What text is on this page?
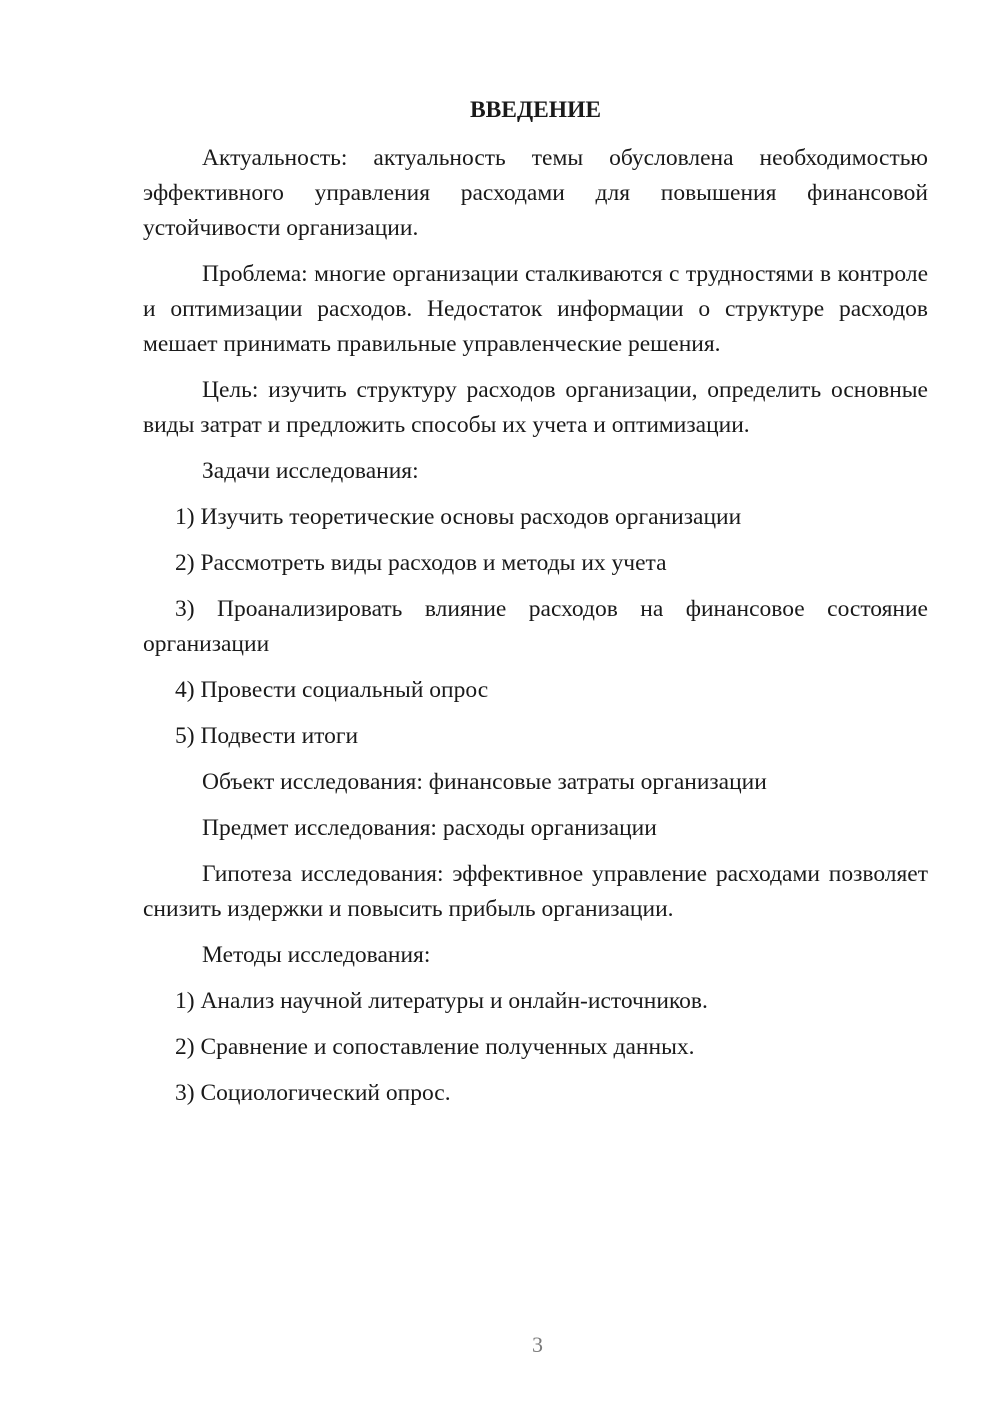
ВВЕДЕНИЕ
Актуальность: актуальность темы обусловлена необходимостью эффективного управления расходами для повышения финансовой устойчивости организации.
Проблема: многие организации сталкиваются с трудностями в контроле и оптимизации расходов. Недостаток информации о структуре расходов мешает принимать правильные управленческие решения.
Цель: изучить структуру расходов организации, определить основные виды затрат и предложить способы их учета и оптимизации.
Задачи исследования:
1) Изучить теоретические основы расходов организации
2) Рассмотреть виды расходов и методы их учета
3) Проанализировать влияние расходов на финансовое состояние организации
4) Провести социальный опрос
5) Подвести итоги
Объект исследования: финансовые затраты организации
Предмет исследования: расходы организации
Гипотеза исследования: эффективное управление расходами позволяет снизить издержки и повысить прибыль организации.
Методы исследования:
1) Анализ научной литературы и онлайн-источников.
2) Сравнение и сопоставление полученных данных.
3) Социологический опрос.
3
